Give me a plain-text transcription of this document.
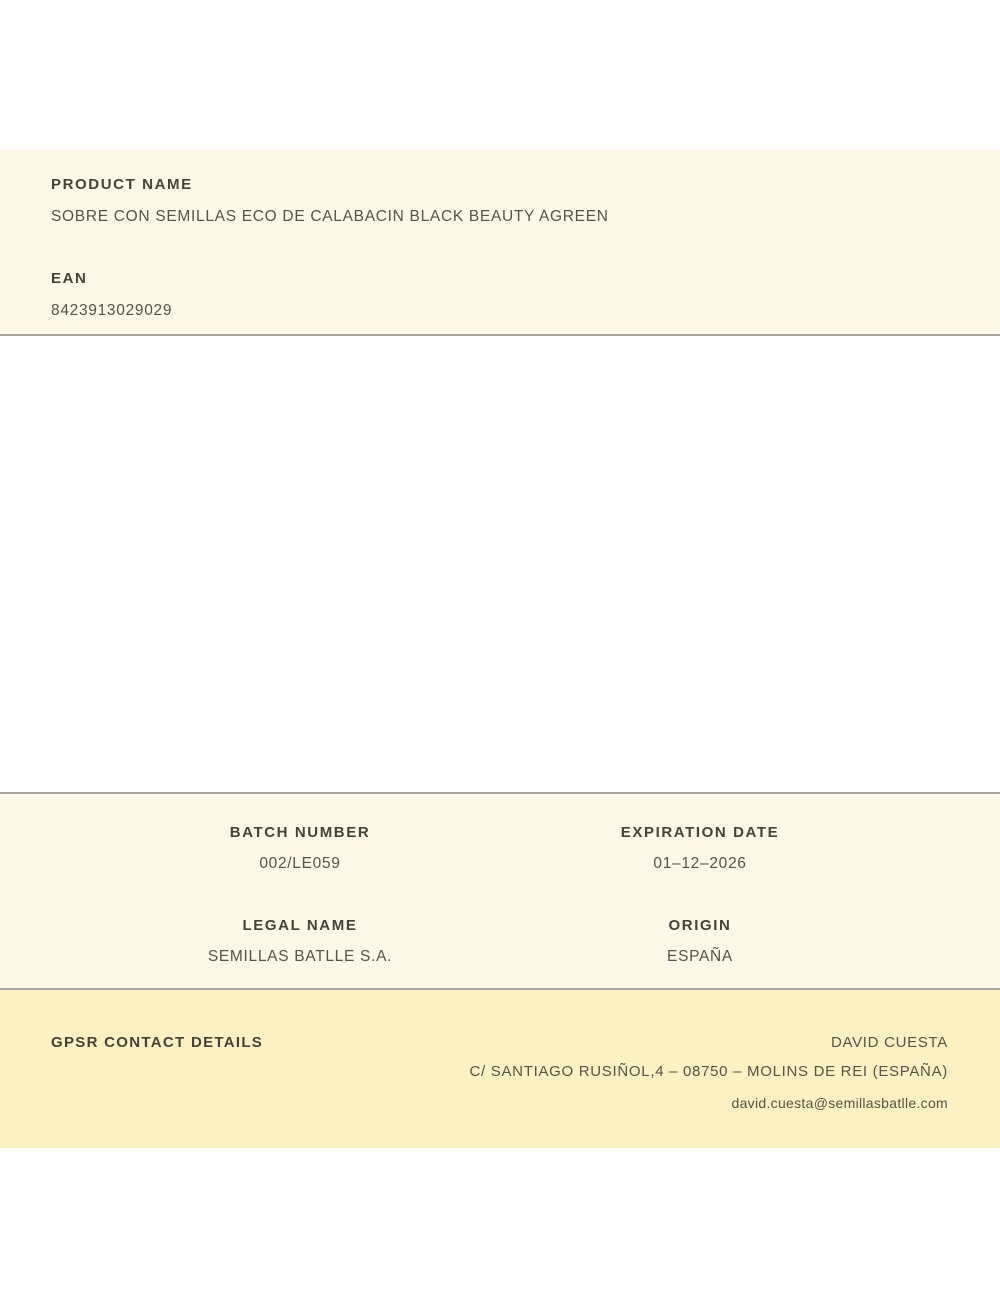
PRODUCT NAME
SOBRE CON SEMILLAS ECO DE CALABACIN BLACK BEAUTY AGREEN
EAN
8423913029029
BATCH NUMBER
002/LE059
EXPIRATION DATE
01–12–2026
LEGAL NAME
SEMILLAS BATLLE S.A.
ORIGIN
ESPAÑA
GPSR CONTACT DETAILS	DAVID CUESTA
C/ SANTIAGO RUSIÑOL,4 – 08750 – MOLINS DE REI (ESPAÑA)
david.cuesta@semillasbatlle.com
